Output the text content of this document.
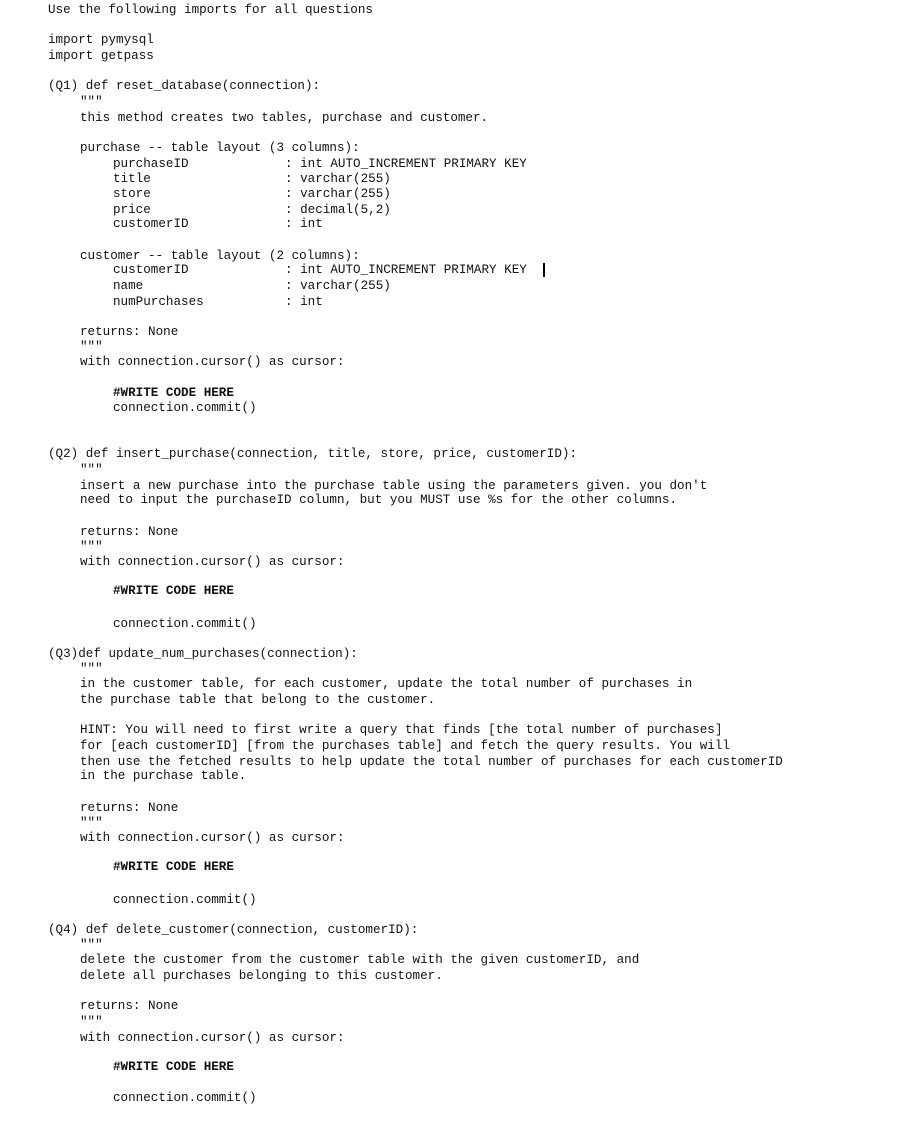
Use the following imports for all questions
import pymysql
import getpass
(Q1) def reset_database(connection):
"""
this method creates two tables, purchase and customer.
purchase -- table layout (3 columns):
purchaseID	: int AUTO_INCREMENT PRIMARY KEY
title	: varchar(255)
store	: varchar(255)
price	: decimal(5,2)
customerID	: int
customer -- table layout (2 columns):
customerID	: int AUTO_INCREMENT PRIMARY KEY
name	: varchar(255)
numPurchases	: int
returns: None
"""
with connection.cursor() as cursor:
#WRITE CODE HERE
connection.commit()
(Q2) def insert_purchase(connection, title, store, price, customerID):
"""
insert a new purchase into the purchase table using the parameters given. you don't
need to input the purchaseID column, but you MUST use %s for the other columns.
returns: None
"""
with connection.cursor() as cursor:
#WRITE CODE HERE
connection.commit()
(Q3)def update_num_purchases(connection):
"""
in the customer table, for each customer, update the total number of purchases in
the purchase table that belong to the customer.
HINT: You will need to first write a query that finds [the total number of purchases]
for [each customerID] [from the purchases table] and fetch the query results. You will
then use the fetched results to help update the total number of purchases for each customerID
in the purchase table.
returns: None
"""
with connection.cursor() as cursor:
#WRITE CODE HERE
connection.commit()
(Q4) def delete_customer(connection, customerID):
"""
delete the customer from the customer table with the given customerID, and
delete all purchases belonging to this customer.
returns: None
"""
with connection.cursor() as cursor:
#WRITE CODE HERE
connection.commit()
